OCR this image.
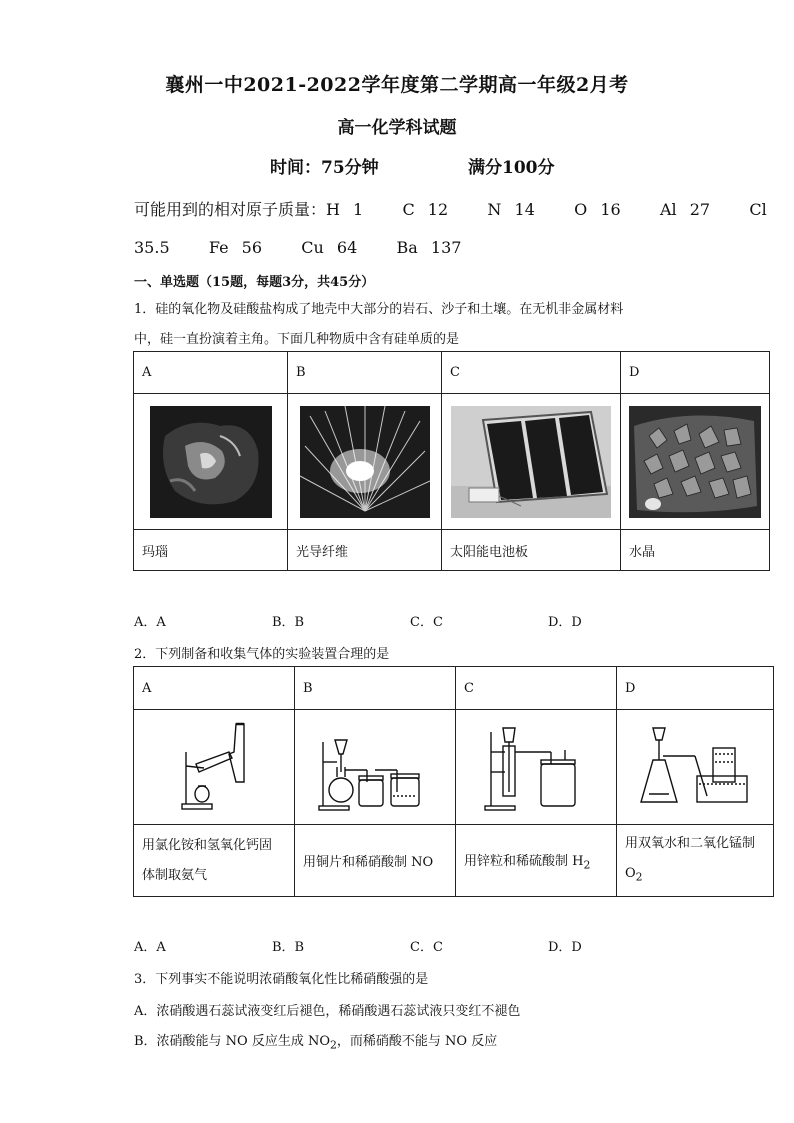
襄州一中2021-2022学年度第二学期高一年级2月考
高一化学科试题
时间：75分钟	满分100分
可能用到的相对原子质量：H 1   C 12   N 14   O 16   Al 27   Cl
35.5   Fe 56   Cu 64   Ba 137
一、单选题（15题，每题3分，共45分）
1．硅的氧化物及硅酸盐构成了地壳中大部分的岩石、沙子和土壤。在无机非金属材料
中，硅一直扮演着主角。下面几种物质中含有硅单质的是
A	B	C	D

玛瑙	光导纤维	太阳能电池板	水晶
A．A	B．B	C．C	D．D
2．下列制备和收集气体的实验装置合理的是
A	B	C	D

用氯化铵和氢氧化钙固
体制取氨气	用铜片和稀硝酸制 NO	用锌粒和稀硫酸制 $H_2$	用双氧水和二氧化锰制
$O_2$
A．A	B．B	C．C	D．D
3．下列事实不能说明浓硝酸氧化性比稀硝酸强的是
A．浓硝酸遇石蕊试液变红后褪色，稀硝酸遇石蕊试液只变红不褪色
B．浓硝酸能与 NO 反应生成 $NO_2$，而稀硝酸不能与 NO 反应
